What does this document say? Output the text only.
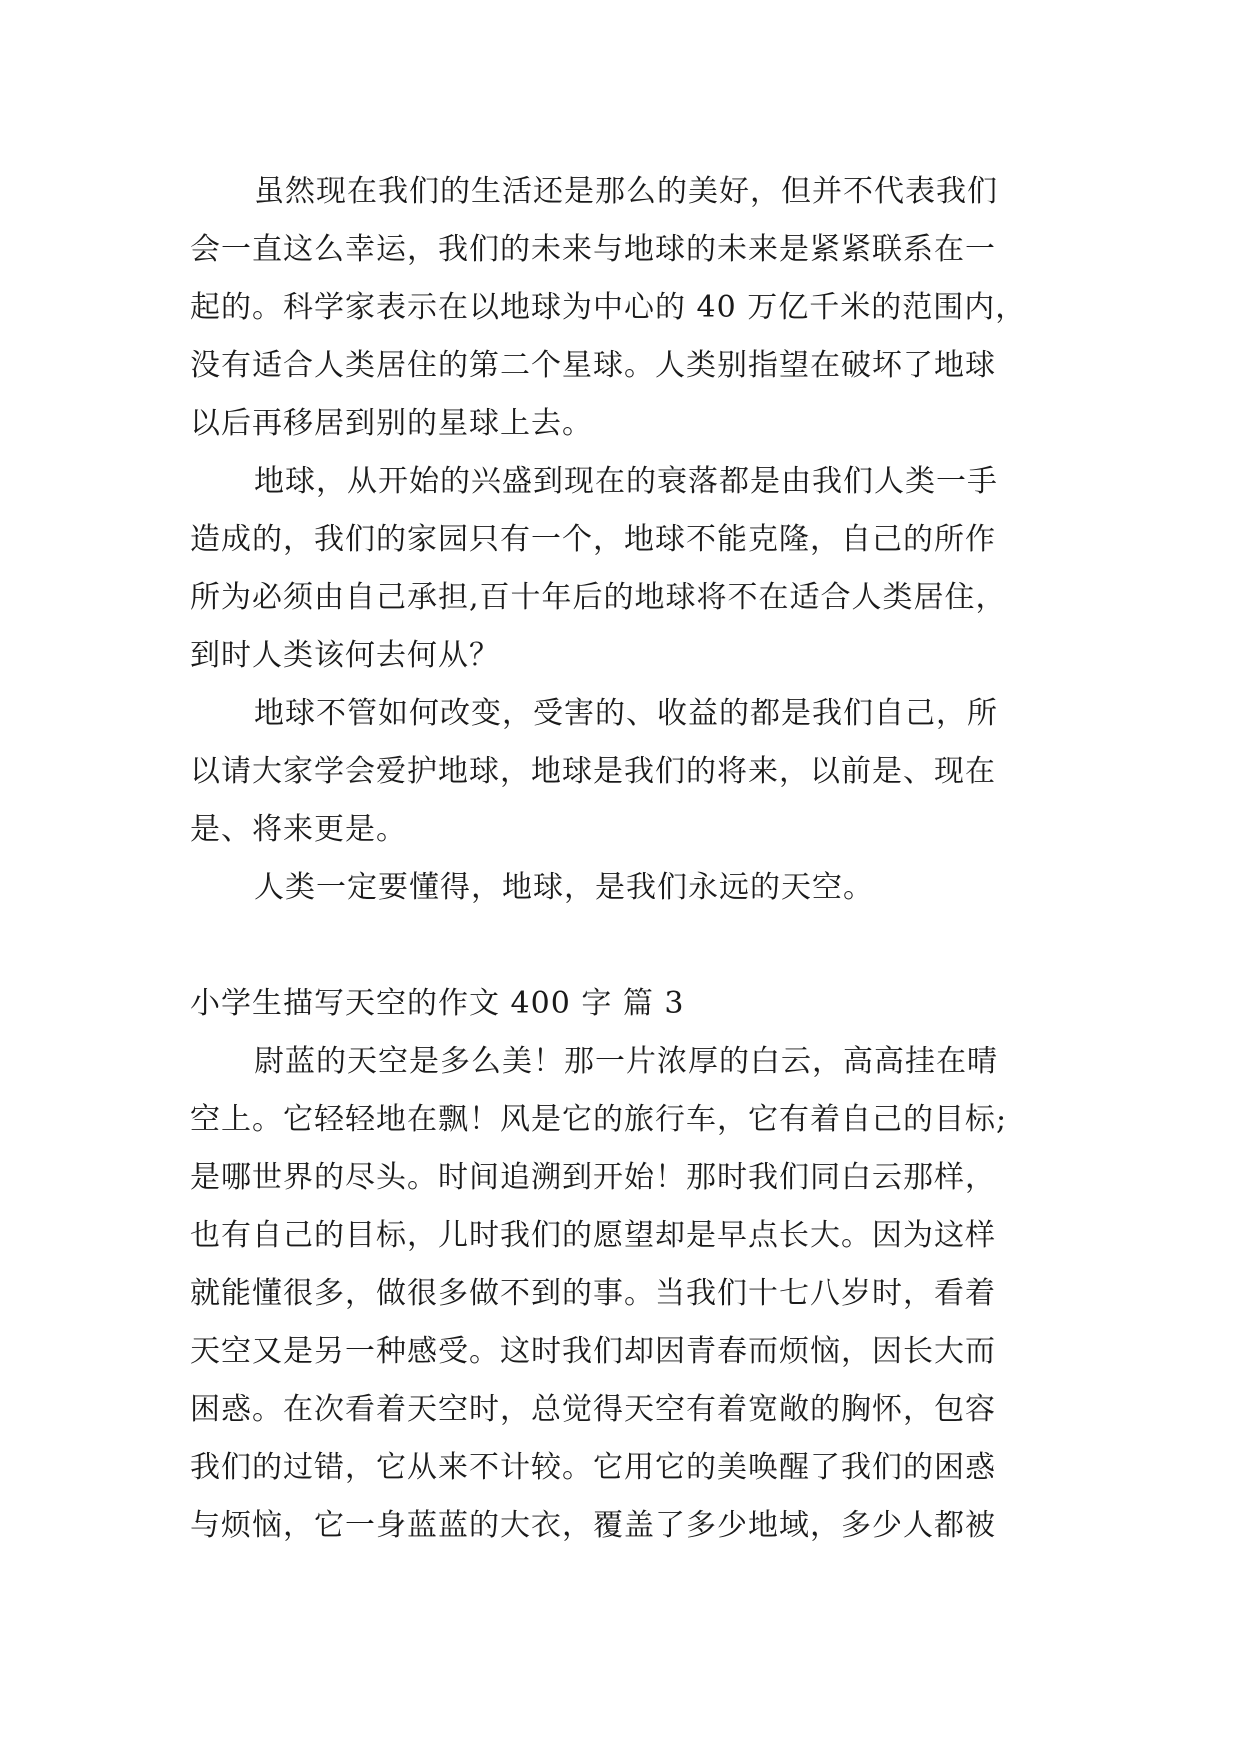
虽然现在我们的生活还是那么的美好，但并不代表我们
会一直这么幸运，我们的未来与地球的未来是紧紧联系在一
起的。科学家表示在以地球为中心的 40 万亿千米的范围内，
没有适合人类居住的第二个星球。人类别指望在破坏了地球
以后再移居到别的星球上去。
地球，从开始的兴盛到现在的衰落都是由我们人类一手
造成的，我们的家园只有一个，地球不能克隆，自己的所作
所为必须由自己承担,百十年后的地球将不在适合人类居住，
到时人类该何去何从？
地球不管如何改变，受害的、收益的都是我们自己，所
以请大家学会爱护地球，地球是我们的将来，以前是、现在
是、将来更是。
人类一定要懂得，地球，是我们永远的天空。
小学生描写天空的作文 400 字 篇 3
尉蓝的天空是多么美！那一片浓厚的白云，高高挂在晴
空上。它轻轻地在飘！风是它的旅行车，它有着自己的目标;
是哪世界的尽头。时间追溯到开始！那时我们同白云那样，
也有自己的目标，儿时我们的愿望却是早点长大。因为这样
就能懂很多，做很多做不到的事。当我们十七八岁时，看着
天空又是另一种感受。这时我们却因青春而烦恼，因长大而
困惑。在次看着天空时，总觉得天空有着宽敞的胸怀，包容
我们的过错，它从来不计较。它用它的美唤醒了我们的困惑
与烦恼，它一身蓝蓝的大衣，覆盖了多少地域，多少人都被
